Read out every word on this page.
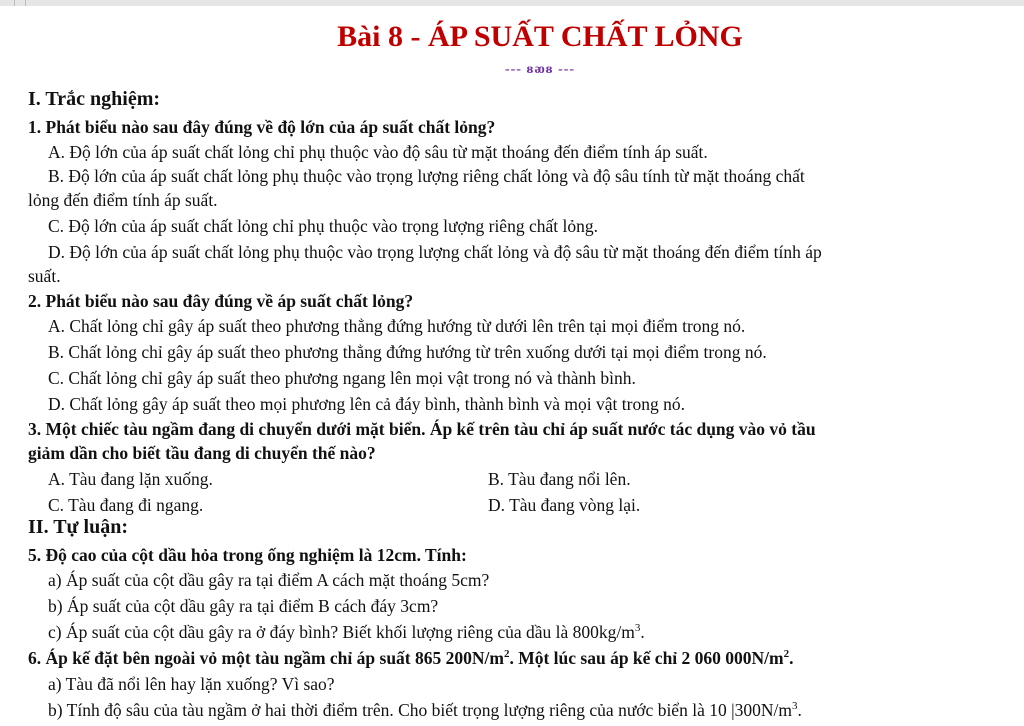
Bài 8 - ÁP SUẤT CHẤT LỎNG
--- ᴕᴔᴕ ---
I. Trắc nghiệm:
1. Phát biểu nào sau đây đúng về độ lớn của áp suất chất lỏng?
A. Độ lớn của áp suất chất lỏng chỉ phụ thuộc vào độ sâu từ mặt thoáng đến điểm tính áp suất.
B. Độ lớn của áp suất chất lỏng phụ thuộc vào trọng lượng riêng chất lỏng và độ sâu tính từ mặt thoáng chất
lỏng đến điểm tính áp suất.
C. Độ lớn của áp suất chất lỏng chỉ phụ thuộc vào trọng lượng riêng chất lỏng.
D. Độ lớn của áp suất chất lỏng phụ thuộc vào trọng lượng chất lỏng và độ sâu từ mặt thoáng đến điểm tính áp
suất.
2. Phát biểu nào sau đây đúng về áp suất chất lỏng?
A. Chất lỏng chỉ gây áp suất theo phương thẳng đứng hướng từ dưới lên trên tại mọi điểm trong nó.
B. Chất lỏng chỉ gây áp suất theo phương thẳng đứng hướng từ trên xuống dưới tại mọi điểm trong nó.
C. Chất lỏng chỉ gây áp suất theo phương ngang lên mọi vật trong nó và thành bình.
D. Chất lỏng gây áp suất theo mọi phương lên cả đáy bình, thành bình và mọi vật trong nó.
3. Một chiếc tàu ngầm đang di chuyển dưới mặt biển. Áp kế trên tàu chỉ áp suất nước tác dụng vào vỏ tầu
giảm dần cho biết tầu đang di chuyển thế nào?
A. Tàu đang lặn xuống.	B. Tàu đang nổi lên.
C. Tàu đang đi ngang.	D. Tàu đang vòng lại.
II. Tự luận:
5. Độ cao của cột dầu hỏa trong ống nghiệm là 12cm. Tính:
a) Áp suất của cột dầu gây ra tại điểm A cách mặt thoáng 5cm?
b) Áp suất của cột dầu gây ra tại điểm B cách đáy 3cm?
c) Áp suất của cột dầu gây ra ở đáy bình? Biết khối lượng riêng của dầu là $800kg/m^3$.
6. Áp kế đặt bên ngoài vỏ một tàu ngầm chỉ áp suất 865 $200N/m^2$. Một lúc sau áp kế chỉ 2 060 $000N/m^2$.
a) Tàu đã nổi lên hay lặn xuống? Vì sao?
b) Tính độ sâu của tàu ngầm ở hai thời điểm trên. Cho biết trọng lượng riêng của nước biển là 10 $|300N/m^3$.
